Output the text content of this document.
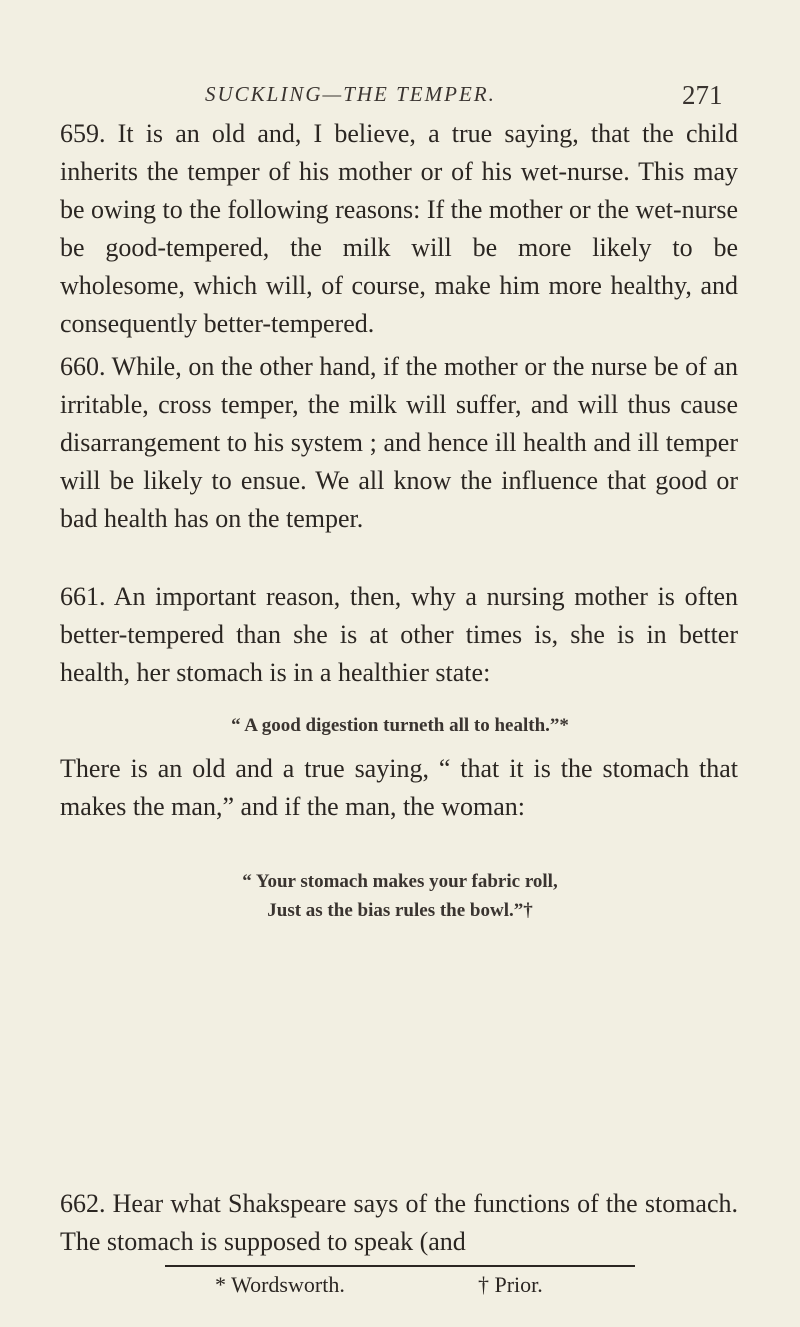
SUCKLING—THE TEMPER.	271

659. It is an old and, I believe, a true saying, that the child inherits the temper of his mother or of his wet-nurse. This may be owing to the following reasons: If the mother or the wet-nurse be good-tempered, the milk will be more likely to be wholesome, which will, of course, make him more healthy, and consequently better-tempered.

660. While, on the other hand, if the mother or the nurse be of an irritable, cross temper, the milk will suffer, and will thus cause disarrangement to his system ; and hence ill health and ill temper will be likely to ensue. We all know the influence that good or bad health has on the temper.

661. An important reason, then, why a nursing mother is often better-tempered than she is at other times is, she is in better health, her stomach is in a healthier state:

“ A good digestion turneth all to health.”*

There is an old and a true saying, “ that it is the stomach that makes the man,” and if the man, the woman:

“ Your stomach makes your fabric roll,

Just as the bias rules the bowl.”†

662. Hear what Shakspeare says of the functions of the stomach. The stomach is supposed to speak (and

* Wordsworth.	† Prior.
